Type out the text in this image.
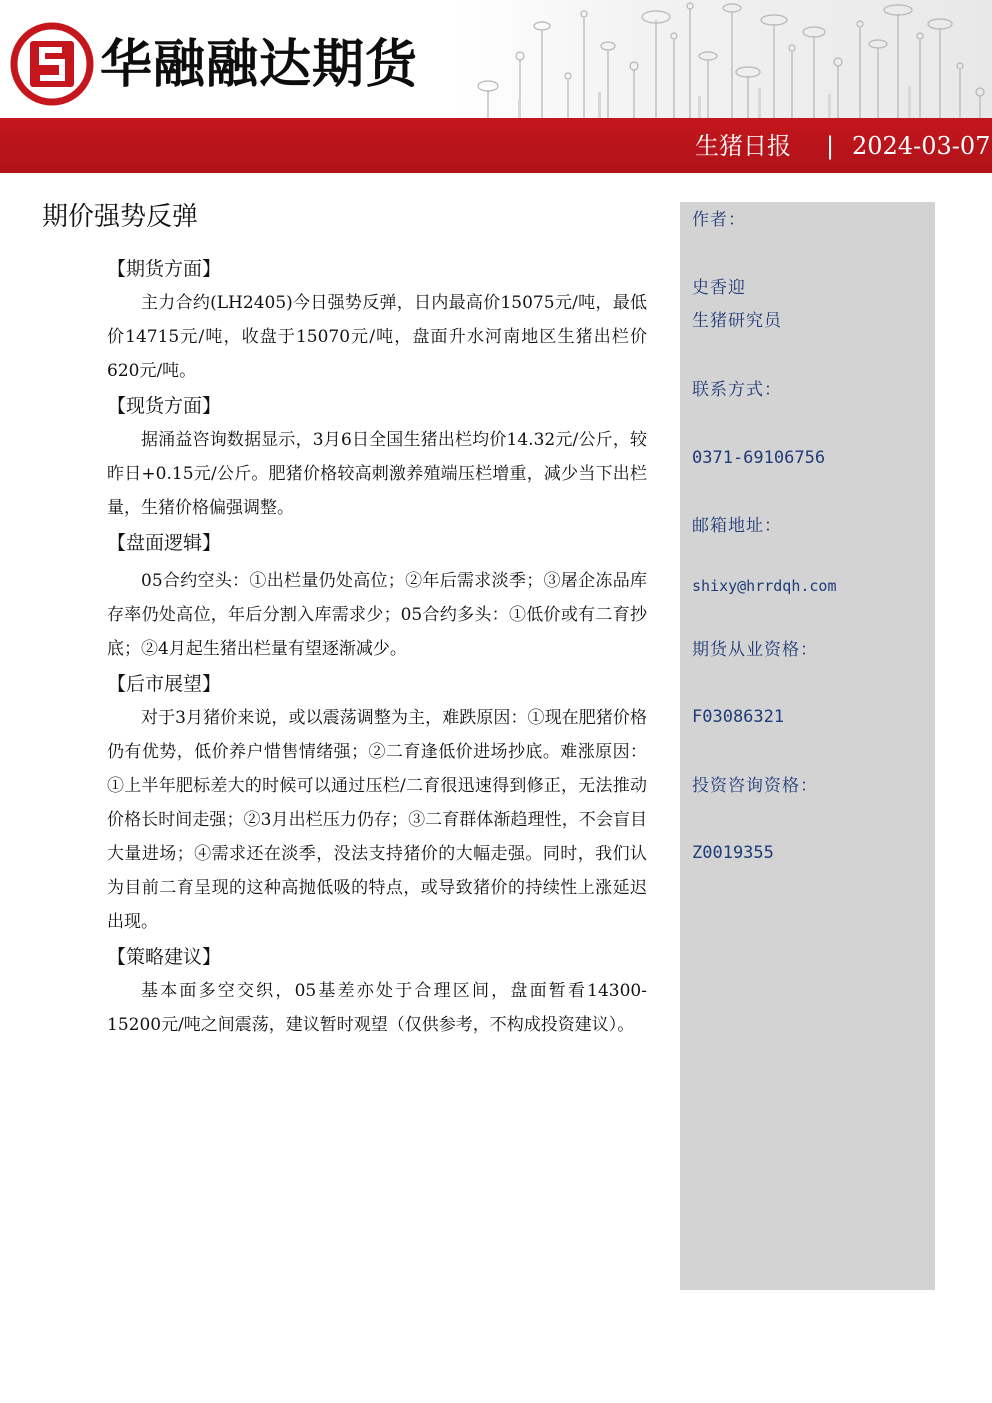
华融融达期货
生猪日报 | 2024-03-07
期价强势反弹
【期货方面】

主力合约(LH2405)今日强势反弹，日内最高价15075元/吨，最低价14715元/吨，收盘于15070元/吨，盘面升水河南地区生猪出栏价620元/吨。

【现货方面】

据涌益咨询数据显示，3月6日全国生猪出栏均价14.32元/公斤，较昨日+0.15元/公斤。肥猪价格较高刺激养殖端压栏增重，减少当下出栏量，生猪价格偏强调整。

【盘面逻辑】

05合约空头：①出栏量仍处高位；②年后需求淡季；③屠企冻品库存率仍处高位，年后分割入库需求少；05合约多头：①低价或有二育抄底；②4月起生猪出栏量有望逐渐减少。

【后市展望】

对于3月猪价来说，或以震荡调整为主，难跌原因：①现在肥猪价格仍有优势，低价养户惜售情绪强；②二育逢低价进场抄底。难涨原因：①上半年肥标差大的时候可以通过压栏/二育很迅速得到修正，无法推动价格长时间走强；②3月出栏压力仍存；③二育群体渐趋理性，不会盲目大量进场；④需求还在淡季，没法支持猪价的大幅走强。同时，我们认为目前二育呈现的这种高抛低吸的特点，或导致猪价的持续性上涨延迟出现。

【策略建议】

基本面多空交织，05基差亦处于合理区间，盘面暂看14300-15200元/吨之间震荡，建议暂时观望（仅供参考，不构成投资建议）。

作者：
史香迎
生猪研究员
联系方式：
0371-69106756
邮箱地址：
shixy@hrrdqh.com
期货从业资格：
F03086321
投资咨询资格：
Z0019355
